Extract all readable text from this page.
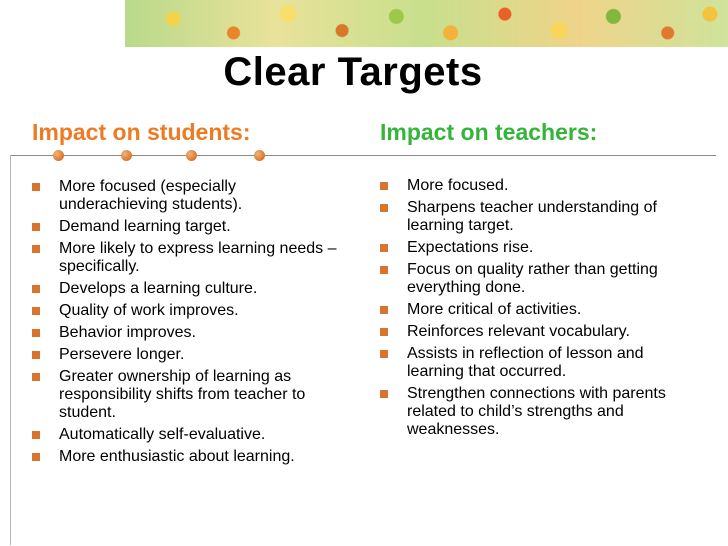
Clear Targets
Impact on students:	Impact on teachers:
More focused (especially underachieving students).
Demand learning target.
More likely to express learning needs – specifically.
Develops a learning culture.
Quality of work improves.
Behavior improves.
Persevere longer.
Greater ownership of learning as responsibility shifts from teacher to student.
Automatically self-evaluative.
More enthusiastic about learning.
More focused.
Sharpens teacher understanding of learning target.
Expectations rise.
Focus on quality rather than getting everything done.
More critical of activities.
Reinforces relevant vocabulary.
Assists in reflection of lesson and learning that occurred.
Strengthen connections with parents related to child’s strengths and weaknesses.
